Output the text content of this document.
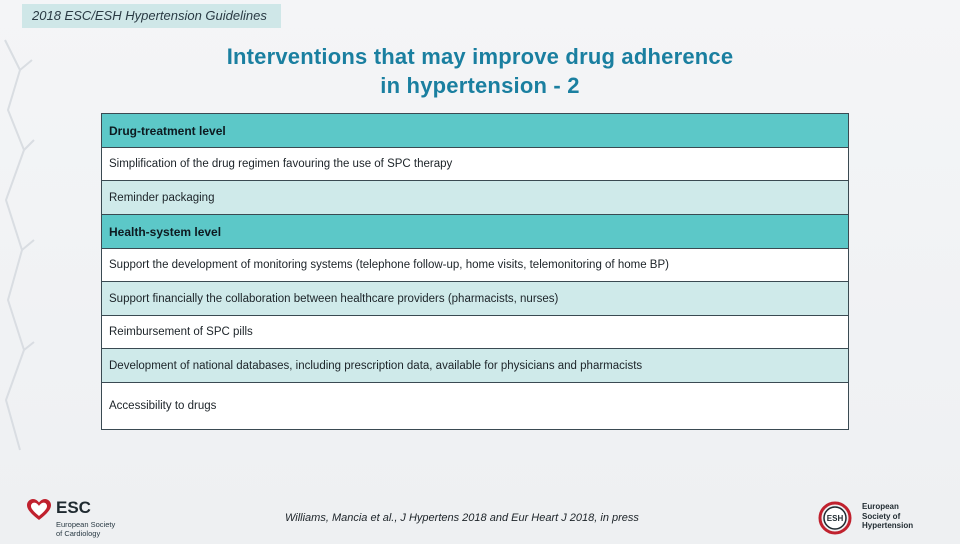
2018 ESC/ESH Hypertension Guidelines
Interventions that may improve drug adherence
in hypertension - 2
Drug-treatment level
Simplification of the drug regimen favouring the use of SPC therapy
Reminder packaging
Health-system level
Support the development of monitoring systems (telephone follow-up, home visits, telemonitoring of home BP)
Support financially the collaboration between healthcare providers (pharmacists, nurses)
Reimbursement of SPC pills
Development of national databases, including prescription data, available for physicians and pharmacists
Accessibility to drugs
ESC
European Society
of Cardiology
Williams, Mancia et al., J Hypertens 2018 and Eur Heart J 2018, in press	ESH
European
Society of
Hypertension
